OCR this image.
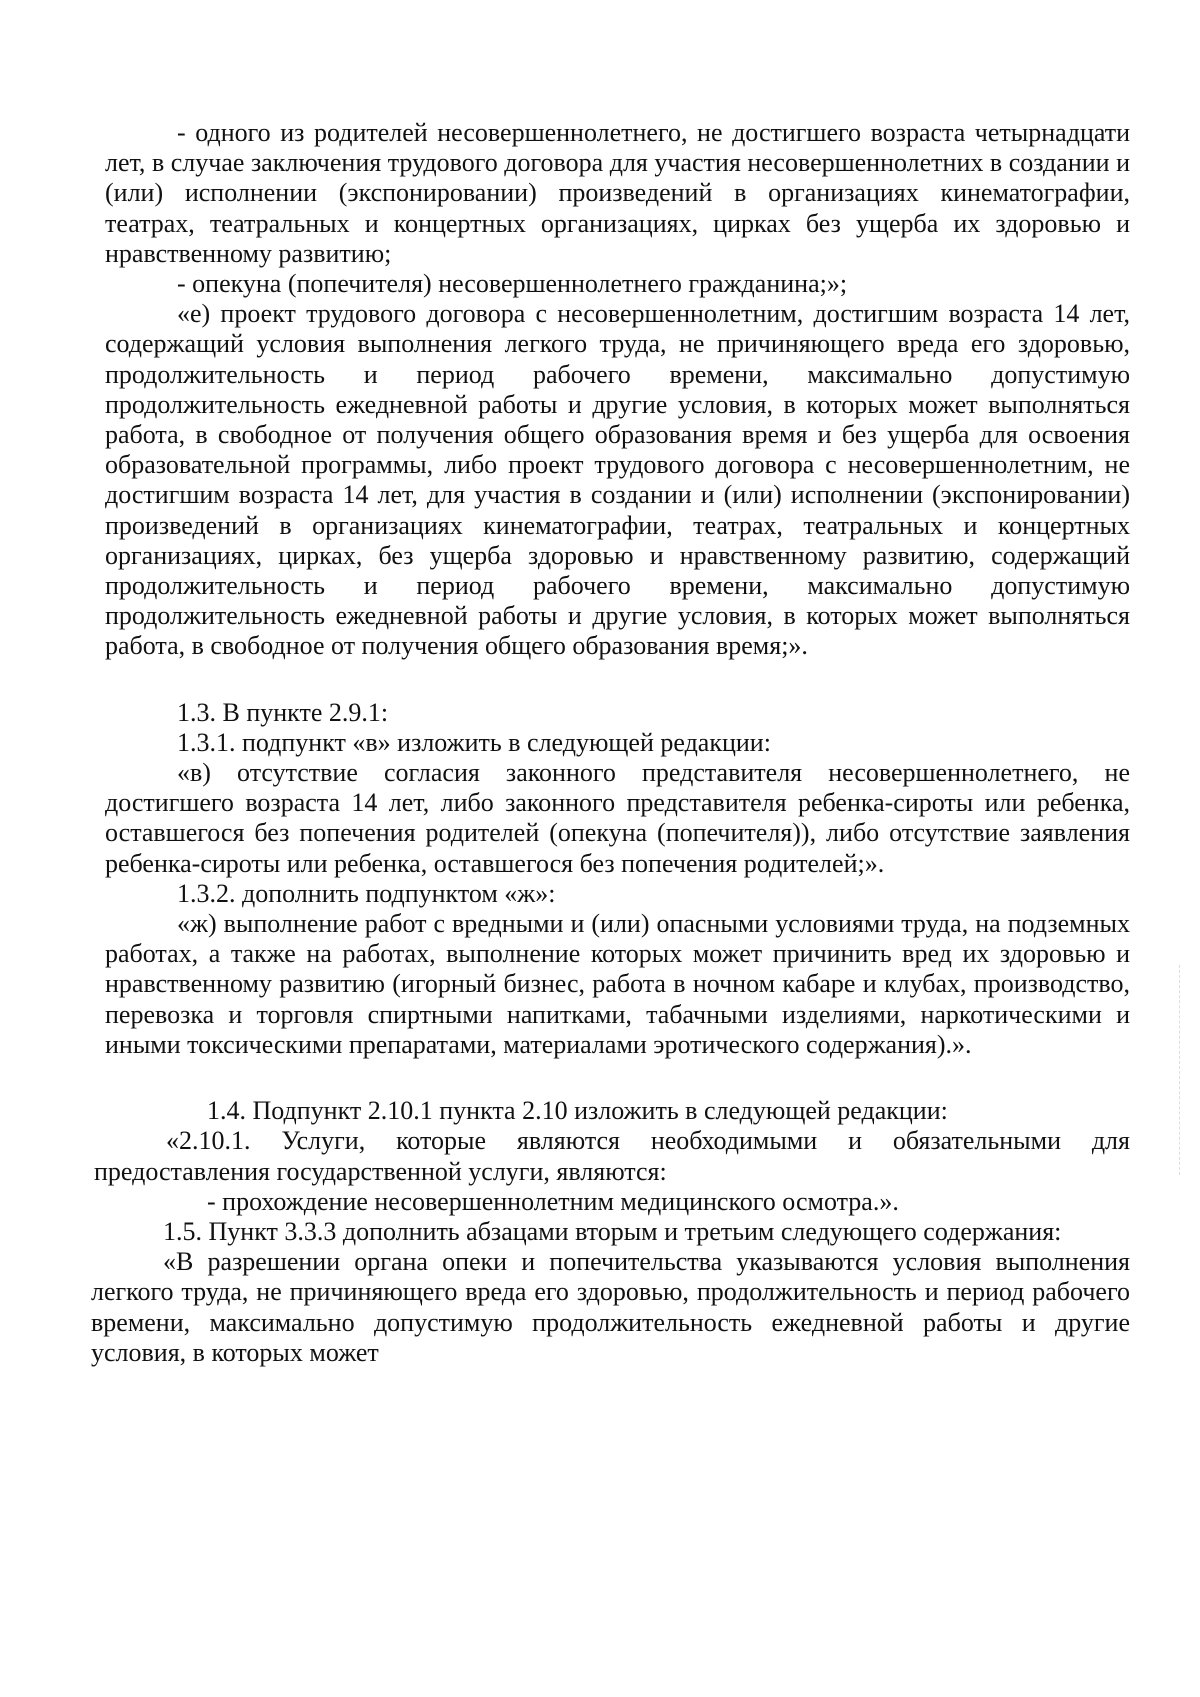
- одного из родителей несовершеннолетнего, не достигшего возраста четырнадцати лет, в случае заключения трудового договора для участия несовершеннолетних в создании и (или) исполнении (экспонировании) произведений в организациях кинематографии, театрах, театральных и концертных организациях, цирках без ущерба их здоровью и нравственному развитию;

- опекуна (попечителя) несовершеннолетнего гражданина;»;

«е) проект трудового договора с несовершеннолетним, достигшим возраста 14 лет, содержащий условия выполнения легкого труда, не причиняющего вреда его здоровью, продолжительность и период рабочего времени, максимально допустимую продолжительность ежедневной работы и другие условия, в которых может выполняться работа, в свободное от получения общего образования время и без ущерба для освоения образовательной программы, либо проект трудового договора с несовершеннолетним, не достигшим возраста 14 лет, для участия в создании и (или) исполнении (экспонировании) произведений в организациях кинематографии, театрах, театральных и концертных организациях, цирках, без ущерба здоровью и нравственному развитию, содержащий продолжительность и период рабочего времени, максимально допустимую продолжительность ежедневной работы и другие условия, в которых может выполняться работа, в свободное от получения общего образования время;».

1.3. В пункте 2.9.1:

1.3.1. подпункт «в» изложить в следующей редакции:

«в) отсутствие согласия законного представителя несовершеннолетнего, не достигшего возраста 14 лет, либо законного представителя ребенка-сироты или ребенка, оставшегося без попечения родителей (опекуна (попечителя)), либо отсутствие заявления ребенка-сироты или ребенка, оставшегося без попечения родителей;».

1.3.2. дополнить подпунктом «ж»:

«ж) выполнение работ с вредными и (или) опасными условиями труда, на подземных работах, а также на работах, выполнение которых может причинить вред их здоровью и нравственному развитию (игорный бизнес, работа в ночном кабаре и клубах, производство, перевозка и торговля спиртными напитками, табачными изделиями, наркотическими и иными токсическими препаратами, материалами эротического содержания).».

1.4. Подпункт 2.10.1 пункта 2.10 изложить в следующей редакции:

«2.10.1. Услуги, которые являются необходимыми и обязательными для предоставления государственной услуги, являются:

- прохождение несовершеннолетним медицинского осмотра.».

1.5. Пункт 3.3.3 дополнить абзацами вторым и третьим следующего содержания:

«В разрешении органа опеки и попечительства указываются условия выполнения легкого труда, не причиняющего вреда его здоровью, продолжительность и период рабочего времени, максимально допустимую продолжительность ежедневной работы и другие условия, в которых может
